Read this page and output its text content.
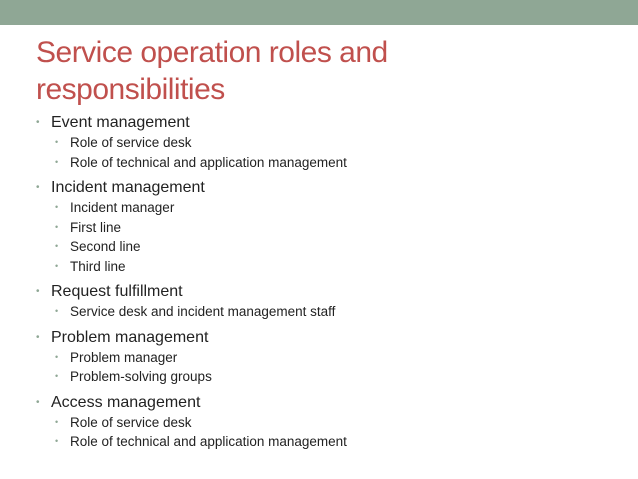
Service operation roles and
responsibilities
• Event management
• Role of service desk
• Role of technical and application management
• Incident management
• Incident manager
• First line
• Second line
• Third line
• Request fulfillment
• Service desk and incident management staff
• Problem management
• Problem manager
• Problem-solving groups
• Access management
• Role of service desk
• Role of technical and application management
